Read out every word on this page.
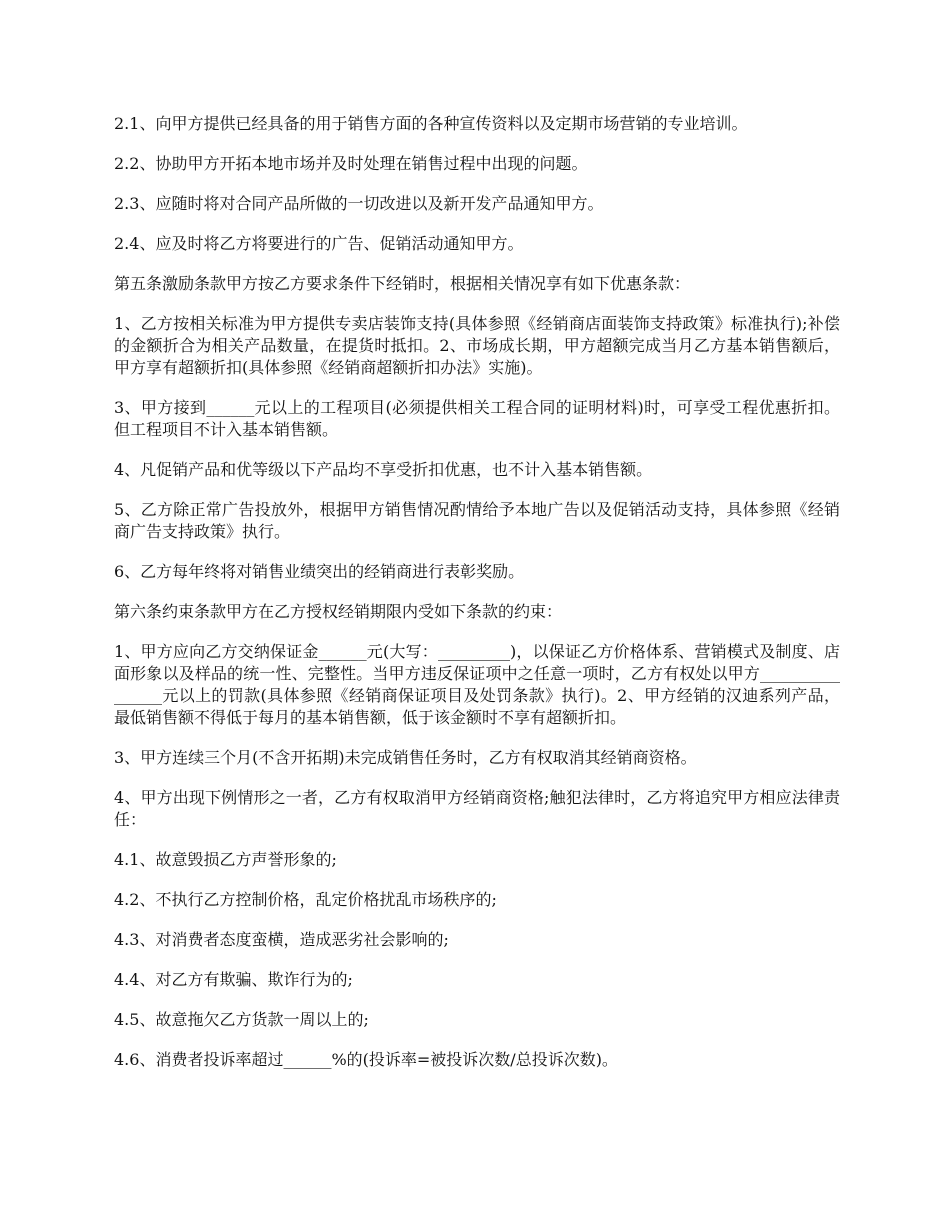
2.1、向甲方提供已经具备的用于销售方面的各种宣传资料以及定期市场营销的专业培训。

2.2、协助甲方开拓本地市场并及时处理在销售过程中出现的问题。

2.3、应随时将对合同产品所做的一切改进以及新开发产品通知甲方。

2.4、应及时将乙方将要进行的广告、促销活动通知甲方。

第五条激励条款甲方按乙方要求条件下经销时，根据相关情况享有如下优惠条款：

1、乙方按相关标准为甲方提供专卖店装饰支持(具体参照《经销商店面装饰支持政策》标准执行);补偿的金额折合为相关产品数量，在提货时抵扣。2、市场成长期，甲方超额完成当月乙方基本销售额后，甲方享有超额折扣(具体参照《经销商超额折扣办法》实施)。

3、甲方接到______元以上的工程项目(必须提供相关工程合同的证明材料)时，可享受工程优惠折扣。但工程项目不计入基本销售额。

4、凡促销产品和优等级以下产品均不享受折扣优惠，也不计入基本销售额。

5、乙方除正常广告投放外，根据甲方销售情况酌情给予本地广告以及促销活动支持，具体参照《经销商广告支持政策》执行。

6、乙方每年终将对销售业绩突出的经销商进行表彰奖励。

第六条约束条款甲方在乙方授权经销期限内受如下条款的约束：

1、甲方应向乙方交纳保证金______元(大写：_________)，以保证乙方价格体系、营销模式及制度、店面形象以及样品的统一性、完整性。当甲方违反保证项中之任意一项时，乙方有权处以甲方________________元以上的罚款(具体参照《经销商保证项目及处罚条款》执行)。2、甲方经销的汉迪系列产品，最低销售额不得低于每月的基本销售额，低于该金额时不享有超额折扣。

3、甲方连续三个月(不含开拓期)未完成销售任务时，乙方有权取消其经销商资格。

4、甲方出现下例情形之一者，乙方有权取消甲方经销商资格;触犯法律时，乙方将追究甲方相应法律责任：

4.1、故意毁损乙方声誉形象的;

4.2、不执行乙方控制价格，乱定价格扰乱市场秩序的;

4.3、对消费者态度蛮横，造成恶劣社会影响的;

4.4、对乙方有欺骗、欺诈行为的;

4.5、故意拖欠乙方货款一周以上的;

4.6、消费者投诉率超过______%的(投诉率=被投诉次数/总投诉次数)。
